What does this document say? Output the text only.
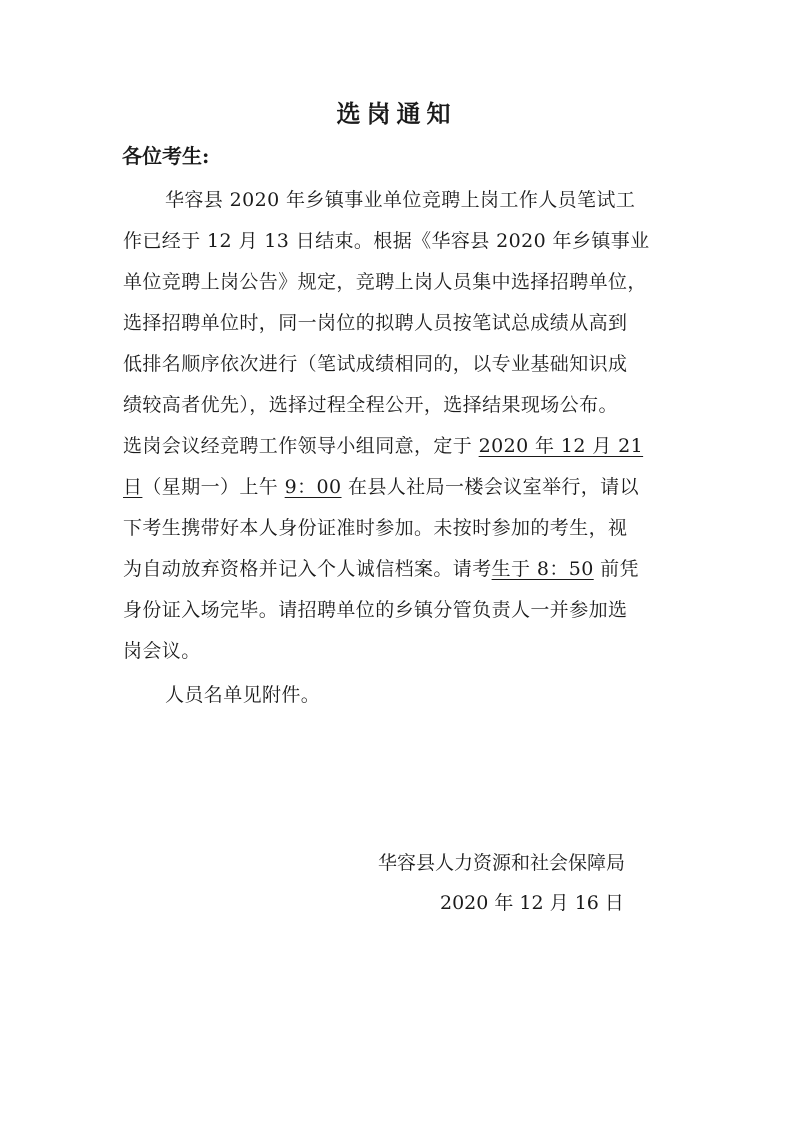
选岗通知
各位考生:
华容县 2020 年乡镇事业单位竞聘上岗工作人员笔试工
作已经于 12 月 13 日结束。根据《华容县 2020 年乡镇事业
单位竞聘上岗公告》规定，竞聘上岗人员集中选择招聘单位，
选择招聘单位时，同一岗位的拟聘人员按笔试总成绩从高到
低排名顺序依次进行（笔试成绩相同的，以专业基础知识成
绩较高者优先），选择过程全程公开，选择结果现场公布。
选岗会议经竞聘工作领导小组同意，定于 2020 年 12 月 21
日（星期一）上午 9：00 在县人社局一楼会议室举行，请以
下考生携带好本人身份证准时参加。未按时参加的考生，视
为自动放弃资格并记入个人诚信档案。请考生于 8：50 前凭
身份证入场完毕。请招聘单位的乡镇分管负责人一并参加选
岗会议。
人员名单见附件。
华容县人力资源和社会保障局
2020 年 12 月 16 日
